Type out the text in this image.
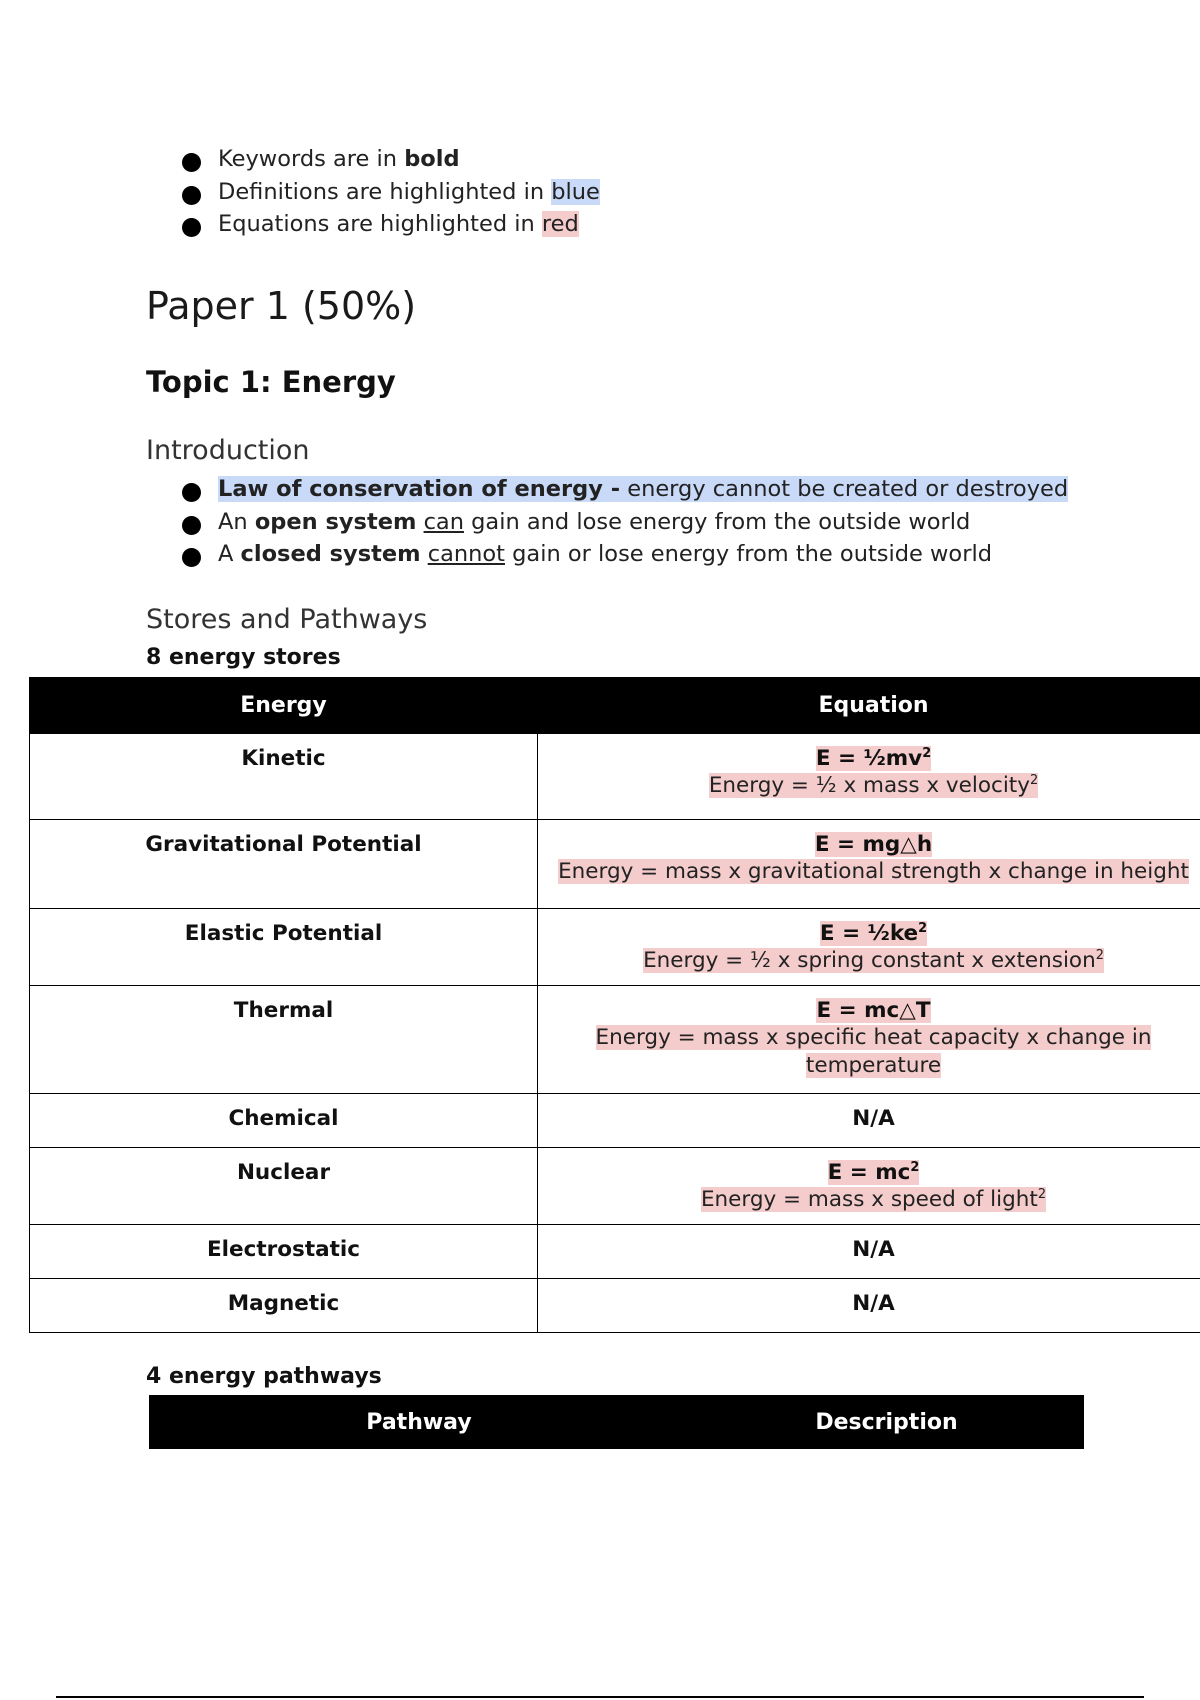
Keywords are in bold
Definitions are highlighted in blue
Equations are highlighted in red
Paper 1 (50%)
Topic 1: Energy
Introduction
Law of conservation of energy - energy cannot be created or destroyed
An open system can gain and lose energy from the outside world
A closed system cannot gain or lose energy from the outside world
Stores and Pathways
8 energy stores
Energy	Equation
Kinetic	$E = \frac{1}{2}mv^2$
Energy = ½ x mass x velocity$^2$

Gravitational Potential	E = mg△h
Energy = mass x gravitational strength x change in height

Elastic Potential	$E = \frac{1}{2}ke^2$
Energy = ½ x spring constant x extension$^2$

Thermal	E = mc△T
Energy = mass x specific heat capacity x change in temperature

Chemical	N/A
Nuclear	$E = mc^2$
Energy = mass x speed of light$^2$

Electrostatic	N/A
Magnetic	N/A
4 energy pathways
Pathway	Description
